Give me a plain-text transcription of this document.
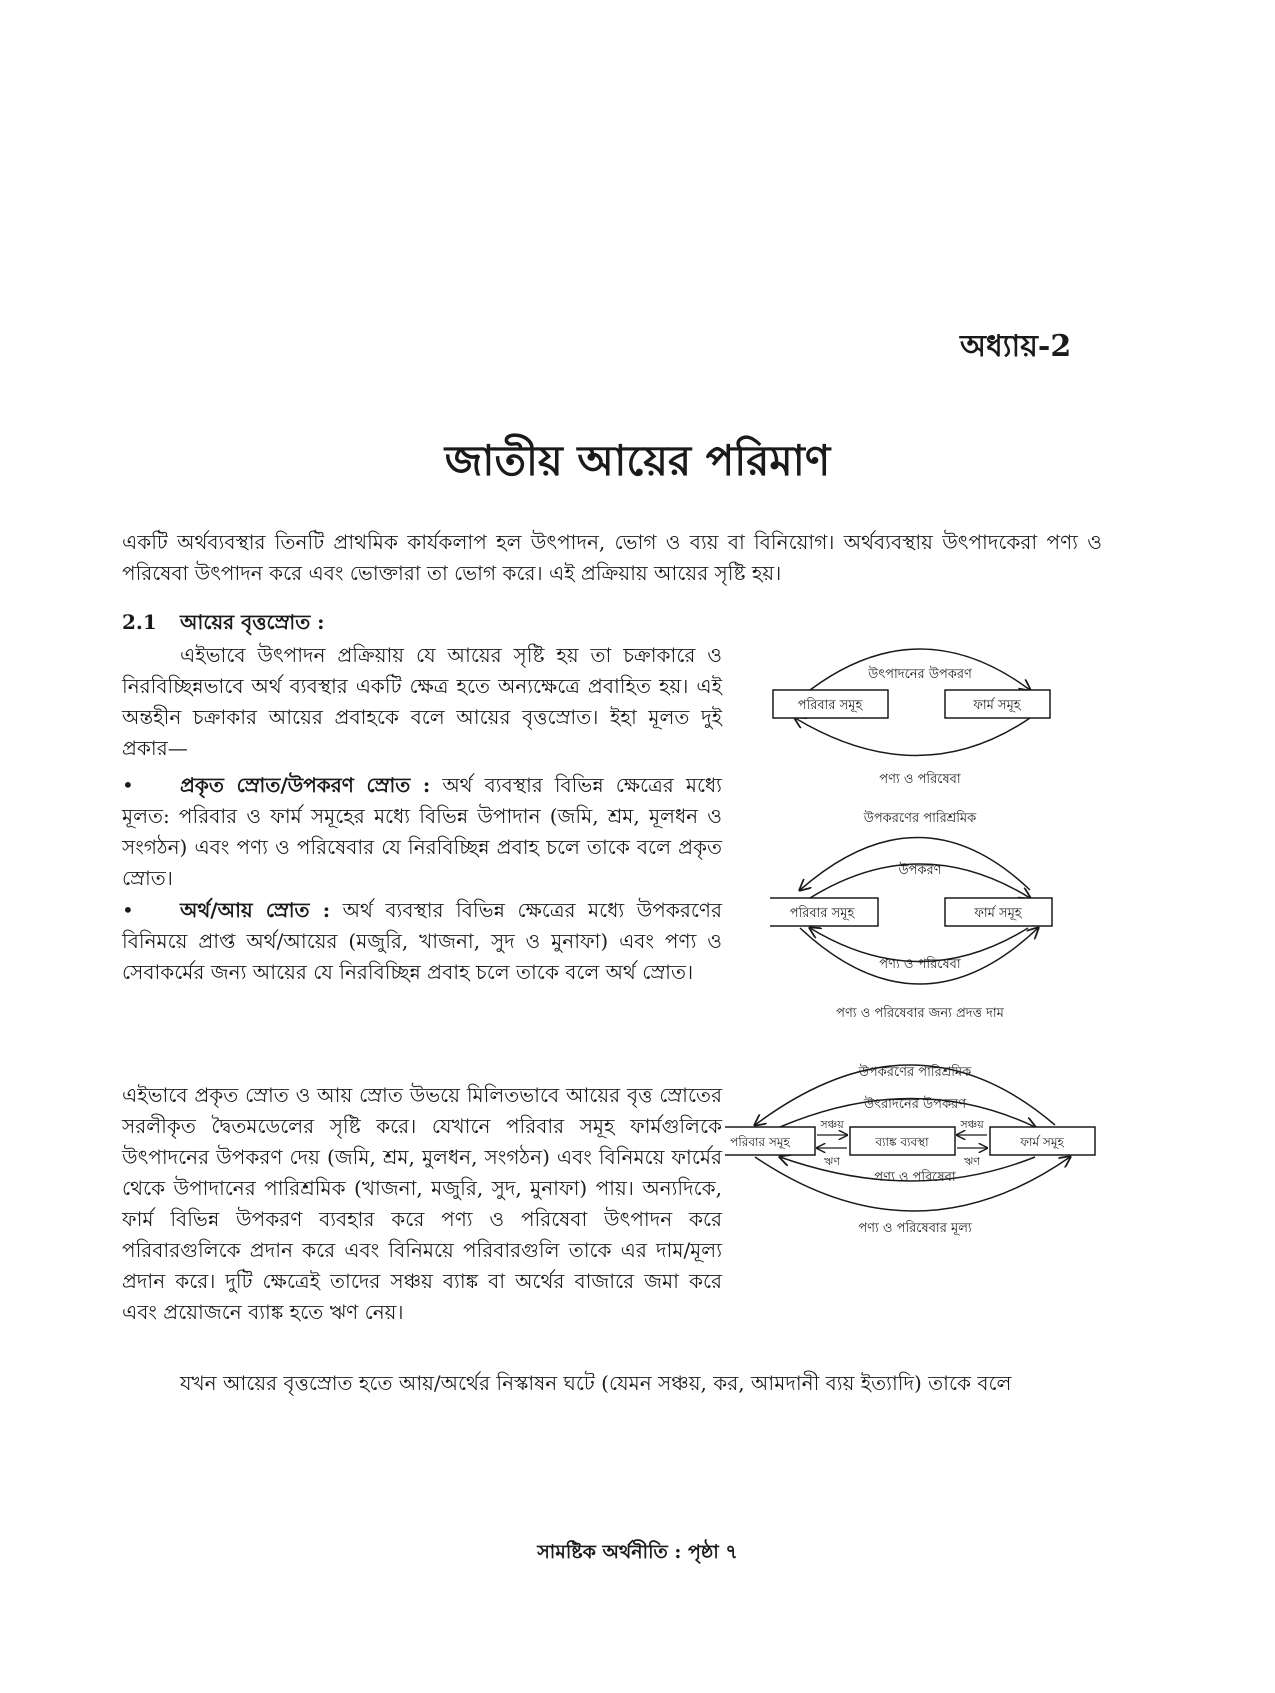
অধ্যায়-2
জাতীয় আয়ের পরিমাণ
একটি অর্থব্যবস্থার তিনটি প্রাথমিক কার্যকলাপ হল উৎপাদন, ভোগ ও ব্যয় বা বিনিয়োগ। অর্থব্যবস্থায় উৎপাদকেরা পণ্য ও পরিষেবা উৎপাদন করে এবং ভোক্তারা তা ভোগ করে। এই প্রক্রিয়ায় আয়ের সৃষ্টি হয়।
2.1 আয়ের বৃত্তস্রোত :
এইভাবে উৎপাদন প্রক্রিয়ায় যে আয়ের সৃষ্টি হয় তা চক্রাকারে ও নিরবিচ্ছিন্নভাবে অর্থ ব্যবস্থার একটি ক্ষেত্র হতে অন্যক্ষেত্রে প্রবাহিত হয়। এই অন্তহীন চক্রাকার আয়ের প্রবাহকে বলে আয়ের বৃত্তস্রোত। ইহা মূলত দুই প্রকার—
• প্রকৃত স্রোত/উপকরণ স্রোত : অর্থ ব্যবস্থার বিভিন্ন ক্ষেত্রের মধ্যে মূলত: পরিবার ও ফার্ম সমূহের মধ্যে বিভিন্ন উপাদান (জমি, শ্রম, মূলধন ও সংগঠন) এবং পণ্য ও পরিষেবার যে নিরবিচ্ছিন্ন প্রবাহ চলে তাকে বলে প্রকৃত স্রোত।
• অর্থ/আয় স্রোত : অর্থ ব্যবস্থার বিভিন্ন ক্ষেত্রের মধ্যে উপকরণের বিনিময়ে প্রাপ্ত অর্থ/আয়ের (মজুরি, খাজনা, সুদ ও মুনাফা) এবং পণ্য ও সেবাকর্মের জন্য আয়ের যে নিরবিচ্ছিন্ন প্রবাহ চলে তাকে বলে অর্থ স্রোত।
এইভাবে প্রকৃত স্রোত ও আয় স্রোত উভয়ে মিলিতভাবে আয়ের বৃত্ত স্রোতের সরলীকৃত দ্বৈতমডেলের সৃষ্টি করে। যেখানে পরিবার সমূহ ফার্মগুলিকে উৎপাদনের উপকরণ দেয় (জমি, শ্রম, মুলধন, সংগঠন) এবং বিনিময়ে ফার্মের থেকে উপাদানের পারিশ্রমিক (খাজনা, মজুরি, সুদ, মুনাফা) পায়। অন্যদিকে, ফার্ম বিভিন্ন উপকরণ ব্যবহার করে পণ্য ও পরিষেবা উৎপাদন করে পরিবারগুলিকে প্রদান করে এবং বিনিময়ে পরিবারগুলি তাকে এর দাম/মূল্য প্রদান করে। দুটি ক্ষেত্রেই তাদের সঞ্চয় ব্যাঙ্ক বা অর্থের বাজারে জমা করে এবং প্রয়োজনে ব্যাঙ্ক হতে ঋণ নেয়।
যখন আয়ের বৃত্তস্রোত হতে আয়/অর্থের নিস্কাষন ঘটে (যেমন সঞ্চয়, কর, আমদানী ব্যয় ইত্যাদি) তাকে বলে
উৎপাদনের উপকরণ
পরিবার সমূহ	ফার্ম সমূহ
পণ্য ও পরিষেবা
উপকরণের পারিশ্রমিক
উপকরণ
পরিবার সমূহ	ফার্ম সমূহ
পণ্য ও পরিষেবা
পণ্য ও পরিষেবার জন্য প্রদত্ত দাম
উপকরণের পারিশ্রমিক
উৎরাদনের উপকরণ
পরিবার সমূহ	ব্যাঙ্ক ব্যবস্থা	ফার্ম সমূহ
সঞ্চয়
ঋণ
সঞ্চয়
ঋণ
পণ্য ও পরিষেবা
পণ্য ও পরিষেবার মূল্য
সামষ্টিক অর্থনীতি : পৃষ্ঠা ৭
